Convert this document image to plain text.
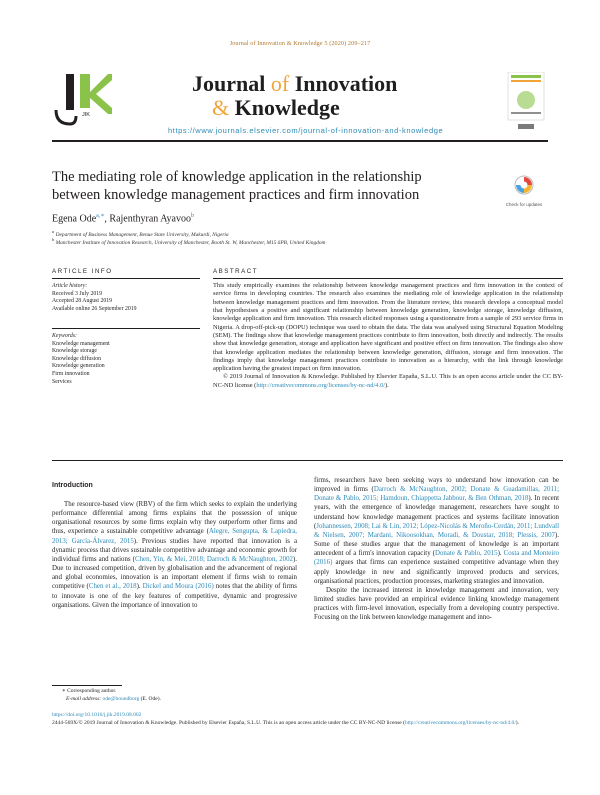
Journal of Innovation & Knowledge 5 (2020) 209–217
JIK
Journal of Innovation
& Knowledge
https://www.journals.elsevier.com/journal-of-innovation-and-knowledge
The mediating role of knowledge application in the relationship between knowledge management practices and firm innovation
Check for updates
Egena Ode$^{a,∗}$, Rajenthyran Ayavoo$^b$
$^a$ Department of Business Management, Benue State University, Makurdi, Nigeria
$^b$ Manchester Institute of Innovation Research, University of Manchester, Booth St. W, Manchester, M15 6PB, United Kingdom
ARTICLE INFO	ABSTRACT
Article history:
Received 3 July 2019
Accepted 28 August 2019
Available online 26 September 2019
Keywords:
Knowledge management
Knowledge storage
Knowledge diffusion
Knowledge generation
Firm innovation
Services
This study empirically examines the relationship between knowledge management practices and firm innovation in the context of service firms in developing countries. The research also examines the mediating role of knowledge application in the relationship between knowledge management practices and firm innovation. From the literature review, this research develops a conceptual model that hypothesises a positive and significant relationship between knowledge generation, knowledge storage, knowledge diffusion, knowledge application and firm innovation. This research elicited responses using a questionnaire from a sample of 293 service firms in Nigeria. A drop-off-pick-up (DOPU) technique was used to obtain the data. The data was analysed using Structural Equation Modeling (SEM). The findings show that knowledge management practices contribute to firm innovation, both directly and indirectly. The results show that knowledge generation, storage and application have significant and positive effect on firm innovation. The findings also show that knowledge application mediates the relationship between knowledge generation, diffusion, storage and firm innovation. The findings imply that knowledge management practices contribute to innovation as a hierarchy, with the link through knowledge application having the greatest impact on firm innovation.
© 2019 Journal of Innovation & Knowledge. Published by Elsevier España, S.L.U. This is an open access article under the CC BY-NC-ND license (http://creativecommons.org/licenses/by-nc-nd/4.0/).
Introduction

The resource-based view (RBV) of the firm which seeks to explain the underlying performance differential among firms explains that the possession of unique organisational resources by some firms explain why they outperform other firms and thus, experience a sustainable competitive advantage (Alegre, Sengupta, & Lapiedra, 2013; García-Álvarez, 2015). Previous studies have reported that innovation is a dynamic process that drives sustainable competitive advantage and economic growth for individual firms and nations (Chen, Yin, & Mei, 2018; Darroch & McNaughton, 2002). Due to increased competition, driven by globalisation and the advancement of regional and global economies, innovation is an important element if firms wish to remain competitive (Chen et al., 2018). Dickel and Moura (2016) notes that the ability of firms to innovate is one of the key features of competitive, dynamic and progressive organisations. Given the importance of innovation to

firms, researchers have been seeking ways to understand how innovation can be improved in firms (Darroch & McNaughton, 2002; Donate & Guadamillas, 2011; Donate & Pablo, 2015; Hamdoun, Chiappetta Jabbour, & Ben Othman, 2018). In recent years, with the emergence of knowledge management, researchers have sought to understand how knowledge management practices and systems facilitate innovation (Johannessen, 2008; Lai & Lin, 2012; López-Nicolás & Meroño-Cerdán, 2011; Lundvall & Nielsen, 2007; Mardani, Nikoosokhan, Moradi, & Doustar, 2018; Plessis, 2007). Some of these studies argue that the management of knowledge is an important antecedent of a firm's innovation capacity (Donate & Pablo, 2015). Costa and Monteiro (2016) argues that firms can experience sustained competitive advantage when they apply knowledge in new and significantly improved products and services, organisational practices, production processes, marketing strategies and innovation.

Despite the increased interest in knowledge management and innovation, very limited studies have provided an empirical evidence linking knowledge management practices with firm-level innovation, especially from a developing country perspective. Focusing on the link between knowledge management and inno-

∗ Corresponding author.
E-mail address: ode@boundborg (E. Ode).
https://doi.org/10.1016/j.jik.2019.08.002
2444-569X/© 2019 Journal of Innovation & Knowledge. Published by Elsevier España, S.L.U. This is an open access article under the CC BY-NC-ND license (http://creativecommons.org/licenses/by-nc-nd/4.0/).
